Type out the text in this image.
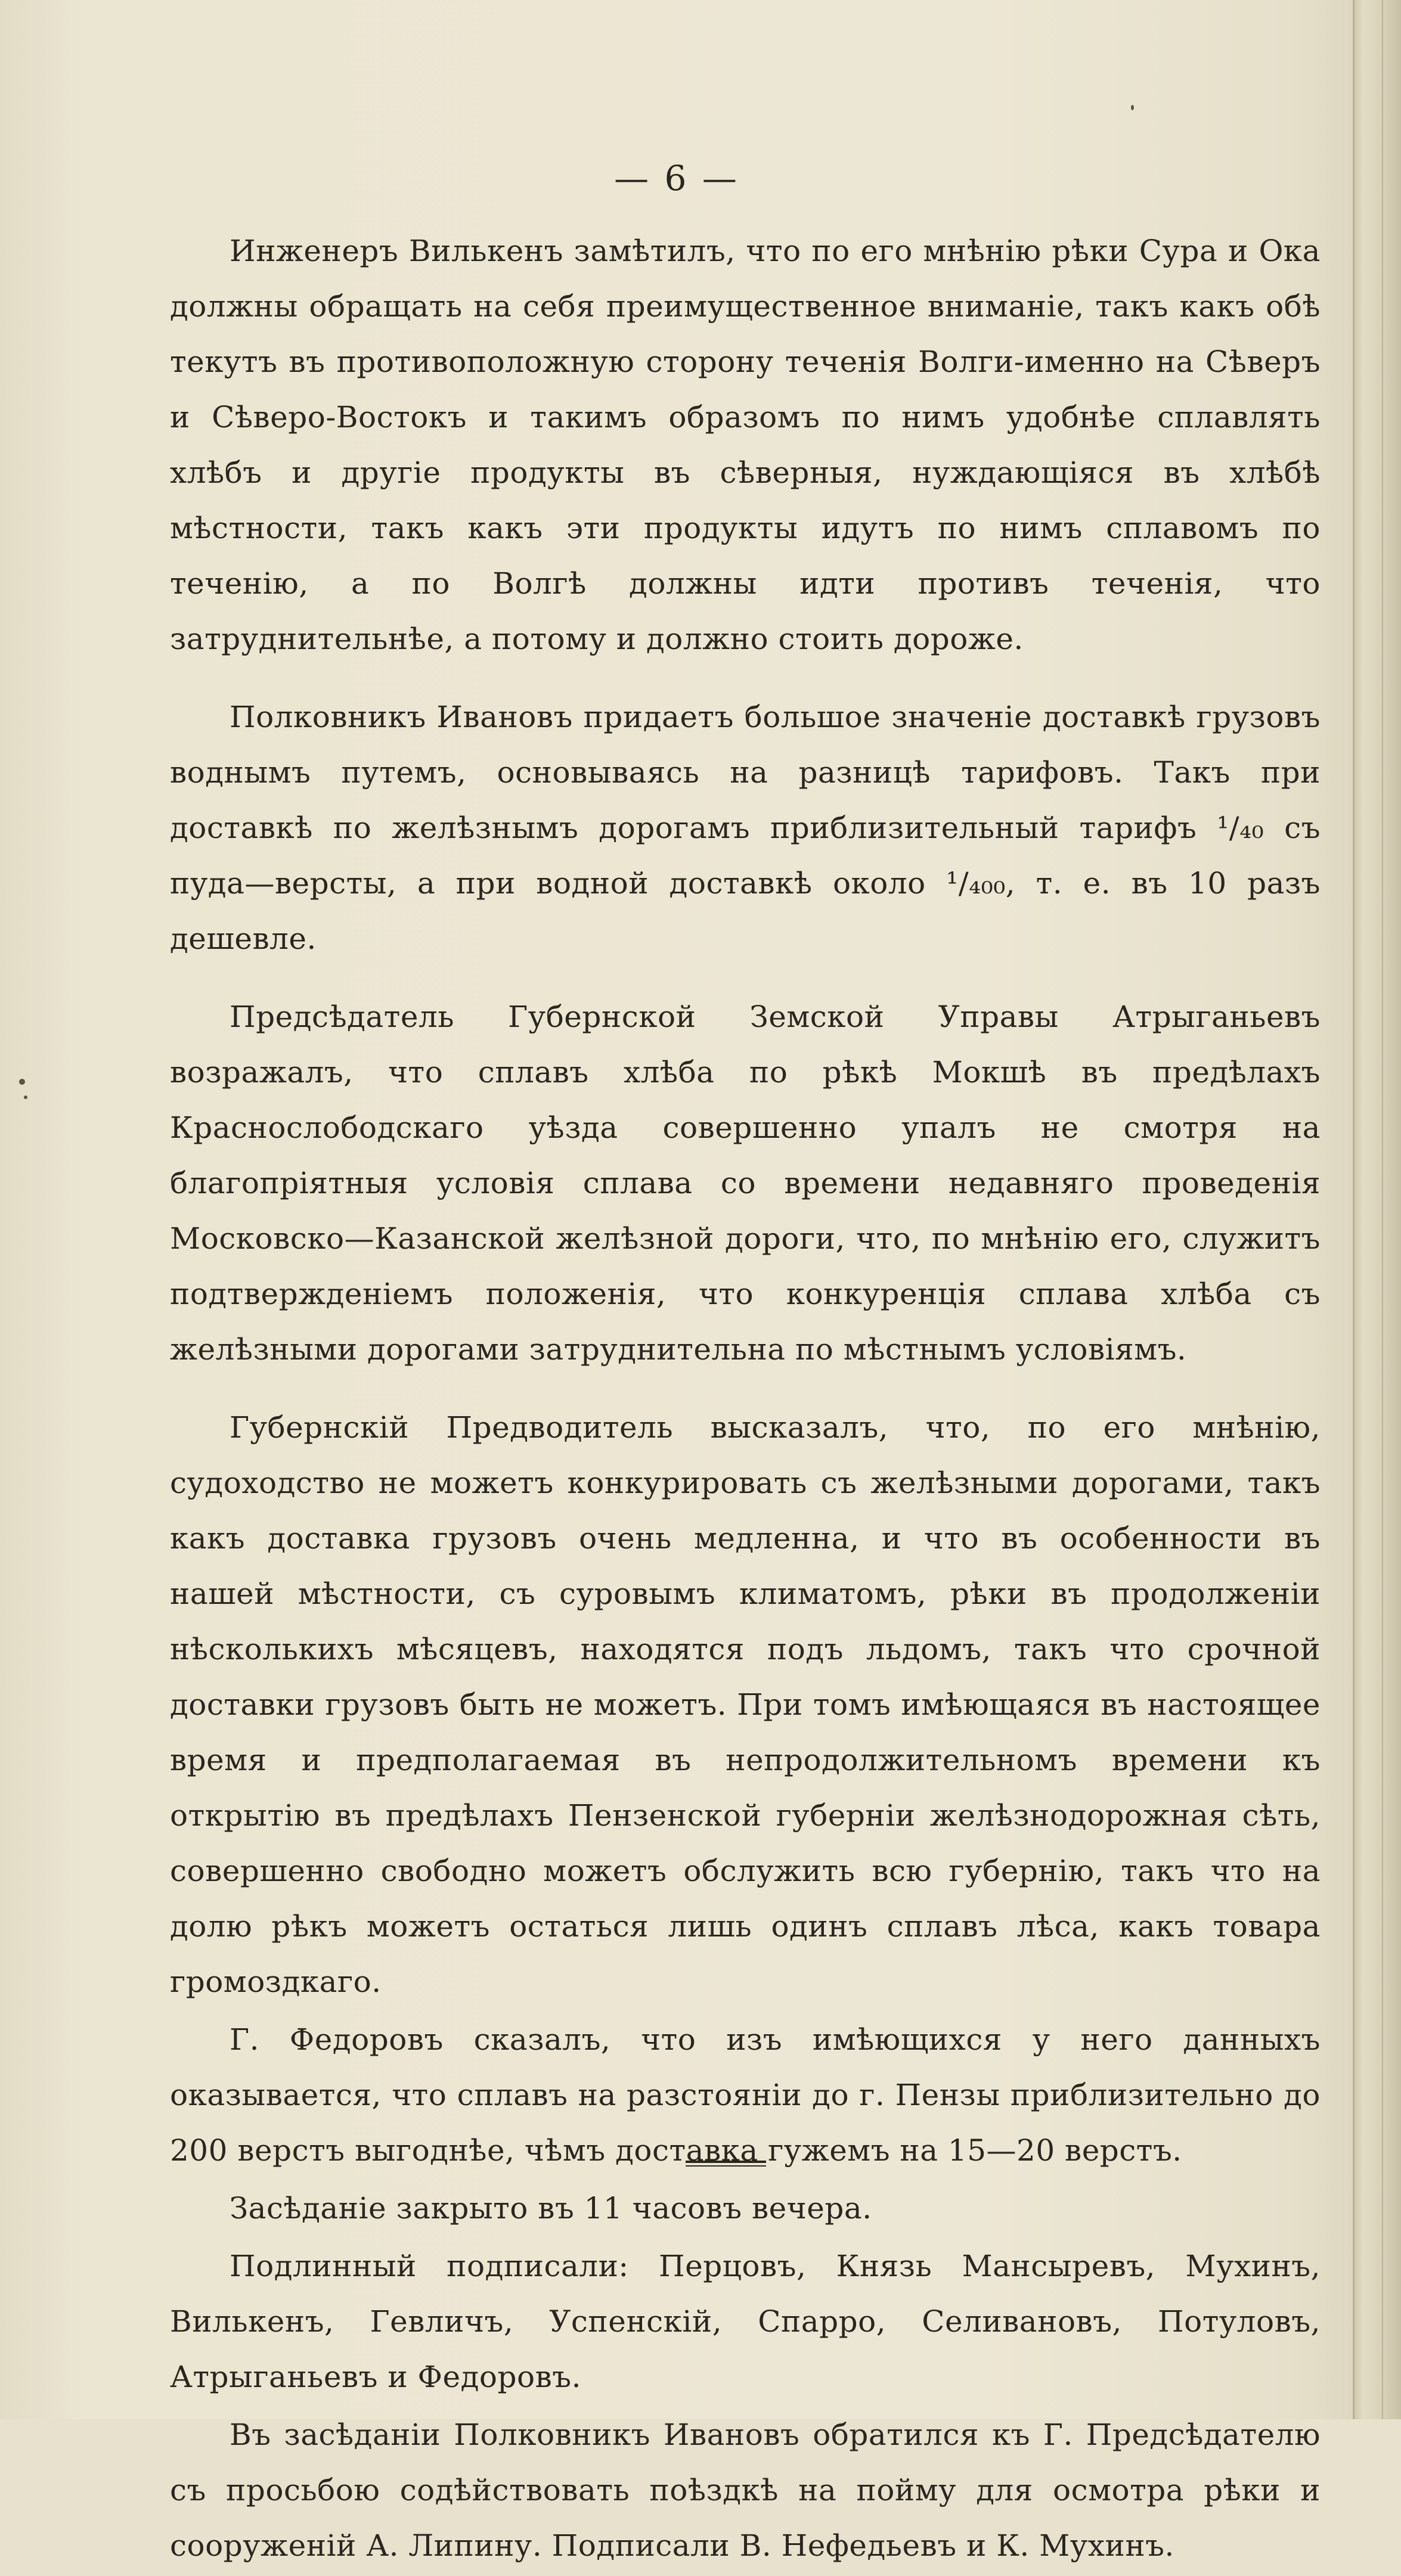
— 6 —

Инженеръ Вилькенъ замѣтилъ, что по его мнѣнію рѣки Сура и Ока должны обращать на себя преимущественное вниманіе, такъ какъ обѣ текутъ въ противоположную сторону теченія Волги-именно на Сѣверъ и Сѣверо-Востокъ и такимъ образомъ по нимъ удобнѣе сплавлять хлѣбъ и другіе продукты въ сѣверныя, нуждающіяся въ хлѣбѣ мѣстности, такъ какъ эти продукты идутъ по нимъ сплавомъ по теченію, а по Волгѣ должны идти противъ теченія, что затруднительнѣе, а потому и должно стоить дороже.

Полковникъ Ивановъ придаетъ большое значеніе доставкѣ грузовъ воднымъ путемъ, основываясь на разницѣ тарифовъ. Такъ при доставкѣ по желѣзнымъ дорогамъ приблизительный тарифъ ¹/₄₀ съ пуда—версты, а при водной доставкѣ около ¹/₄₀₀, т. е. въ 10 разъ дешевле.

Предсѣдатель Губернской Земской Управы Атрыганьевъ возражалъ, что сплавъ хлѣба по рѣкѣ Мокшѣ въ предѣлахъ Краснослободскаго уѣзда совершенно упалъ не смотря на благопріятныя условія сплава со времени недавняго проведенія Московско—Казанской желѣзной дороги, что, по мнѣнію его, служитъ подтвержденіемъ положенія, что конкуренція сплава хлѣба съ желѣзными дорогами затруднительна по мѣстнымъ условіямъ.

Губернскій Предводитель высказалъ, что, по его мнѣнію, судоходство не можетъ конкурировать съ желѣзными дорогами, такъ какъ доставка грузовъ очень медленна, и что въ особенности въ нашей мѣстности, съ суровымъ климатомъ, рѣки въ продолженіи нѣсколькихъ мѣсяцевъ, находятся подъ льдомъ, такъ что срочной доставки грузовъ быть не можетъ. При томъ имѣющаяся въ настоящее время и предполагаемая въ непродолжительномъ времени къ открытію въ предѣлахъ Пензенской губерніи желѣзнодорожная сѣть, совершенно свободно можетъ обслужить всю губернію, такъ что на долю рѣкъ можетъ остаться лишь одинъ сплавъ лѣса, какъ товара громоздкаго.

Г. Федоровъ сказалъ, что изъ имѣющихся у него данныхъ оказывается, что сплавъ на разстояніи до г. Пензы приблизительно до 200 верстъ выгоднѣе, чѣмъ доставка гужемъ на 15—20 верстъ.

Засѣданіе закрыто въ 11 часовъ вечера.

Подлинный подписали: Перцовъ, Князь Мансыревъ, Мухинъ, Вилькенъ, Гевличъ, Успенскій, Спарро, Селивановъ, Потуловъ, Атрыганьевъ и Федоровъ.

Въ засѣданіи Полковникъ Ивановъ обратился къ Г. Предсѣдателю съ просьбою содѣйствовать поѣздкѣ на пойму для осмотра рѣки и сооруженій А. Липину. Подписали В. Нефедьевъ и К. Мухинъ.
